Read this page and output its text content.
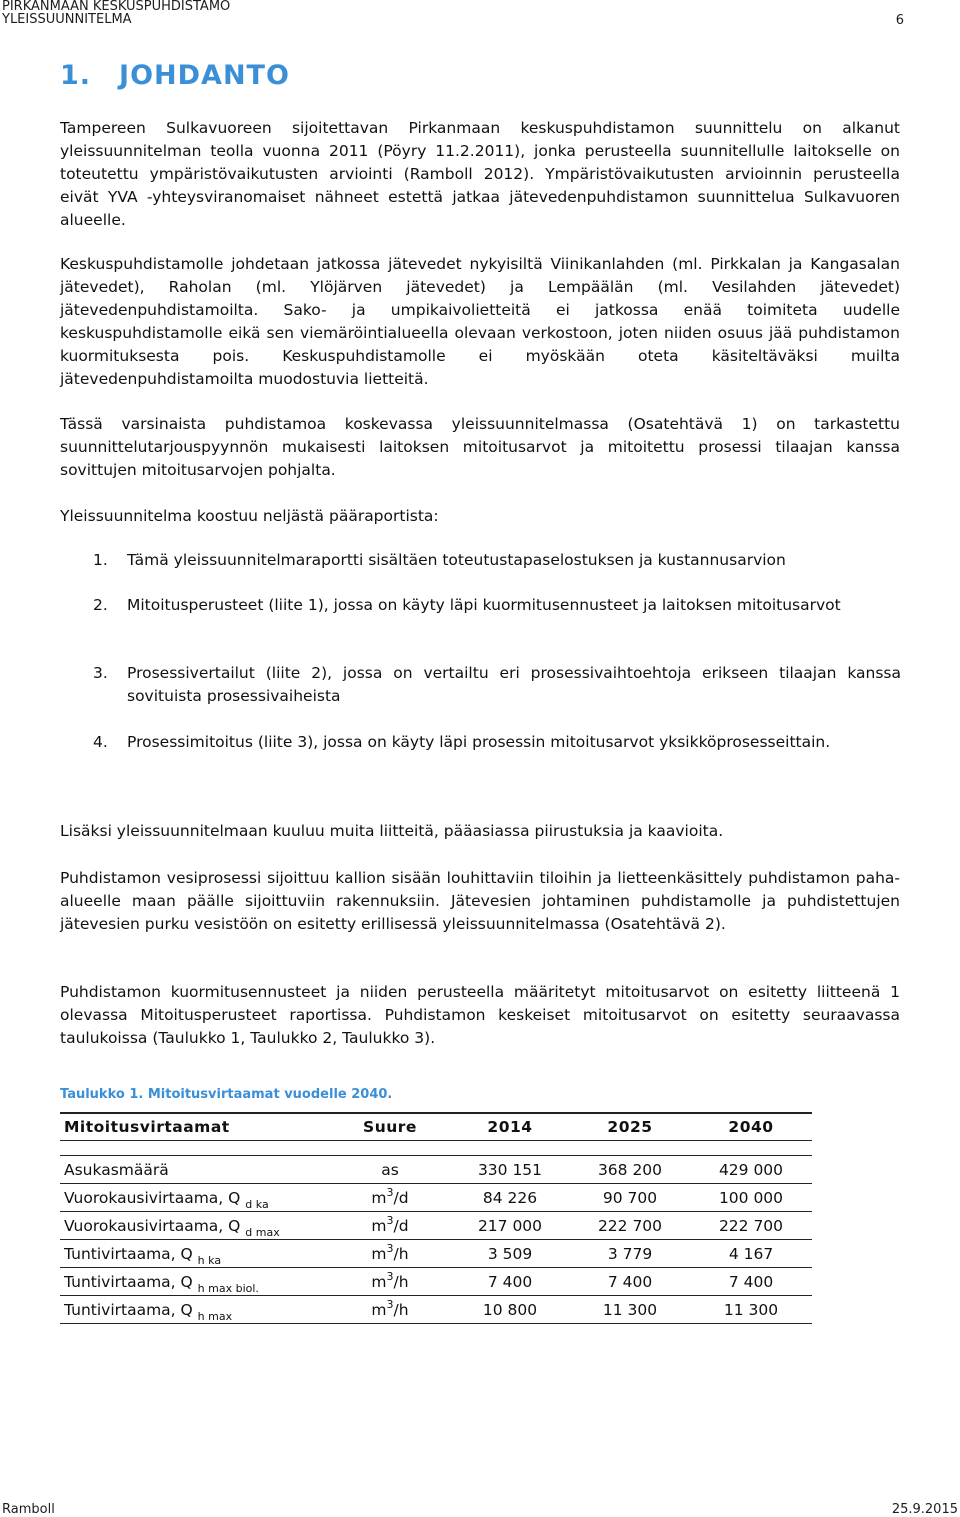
PIRKANMAAN KESKUSPUHDISTAMO
YLEISSUUNNITELMA	6
1. JOHDANTO
Tampereen Sulkavuoreen sijoitettavan Pirkanmaan keskuspuhdistamon suunnittelu on alkanut yleissuunnitelman teolla vuonna 2011 (Pöyry 11.2.2011), jonka perusteella suunnitellulle laitokselle on toteutettu ympäristövaikutusten arviointi (Ramboll 2012). Ympäristövaikutusten arvioinnin perusteella eivät YVA -yhteysviranomaiset nähneet estettä jatkaa jätevedenpuhdistamon suunnittelua Sulkavuoren alueelle.
Keskuspuhdistamolle johdetaan jatkossa jätevedet nykyisiltä Viinikanlahden (ml. Pirkkalan ja Kangasalan jätevedet), Raholan (ml. Ylöjärven jätevedet) ja Lempäälän (ml. Vesilahden jätevedet) jätevedenpuhdistamoilta. Sako- ja umpikaivolietteitä ei jatkossa enää toimiteta uudelle keskuspuhdistamolle eikä sen viemäröintialueella olevaan verkostoon, joten niiden osuus jää puhdistamon kuormituksesta pois. Keskuspuhdistamolle ei myöskään oteta käsiteltäväksi muilta jätevedenpuhdistamoilta muodostuvia lietteitä.
Tässä varsinaista puhdistamoa koskevassa yleissuunnitelmassa (Osatehtävä 1) on tarkastettu suunnittelutarjouspyynnön mukaisesti laitoksen mitoitusarvot ja mitoitettu prosessi tilaajan kanssa sovittujen mitoitusarvojen pohjalta.
Yleissuunnitelma koostuu neljästä pääraportista:
1.	Tämä yleissuunnitelmaraportti sisältäen toteutustapaselostuksen ja kustannusarvion
2.	Mitoitusperusteet (liite 1), jossa on käyty läpi kuormitusennusteet ja laitoksen mitoitusarvot
3.	Prosessivertailut (liite 2), jossa on vertailtu eri prosessivaihtoehtoja erikseen tilaajan kanssa sovituista prosessivaiheista
4.	Prosessimitoitus (liite 3), jossa on käyty läpi prosessin mitoitusarvot yksikköprosesseittain.
Lisäksi yleissuunnitelmaan kuuluu muita liitteitä, pääasiassa piirustuksia ja kaavioita.
Puhdistamon vesiprosessi sijoittuu kallion sisään louhittaviin tiloihin ja lietteenkäsittely puhdistamon paha-alueelle maan päälle sijoittuviin rakennuksiin. Jätevesien johtaminen puhdistamolle ja puhdistettujen jätevesien purku vesistöön on esitetty erillisessä yleissuunnitelmassa (Osatehtävä 2).
Puhdistamon kuormitusennusteet ja niiden perusteella määritetyt mitoitusarvot on esitetty liitteenä 1 olevassa Mitoitusperusteet raportissa. Puhdistamon keskeiset mitoitusarvot on esitetty seuraavassa taulukoissa (Taulukko 1, Taulukko 2, Taulukko 3).
Taulukko 1. Mitoitusvirtaamat vuodelle 2040.
Mitoitusvirtaamat	Suure	2014	2025	2040

Asukasmäärä	as	330 151	368 200	429 000
Vuorokausivirtaama, Q $_{d ka}$	$m^3/d$	84 226	90 700	100 000
Vuorokausivirtaama, Q $_{d max}$	$m^3/d$	217 000	222 700	222 700
Tuntivirtaama, Q $_{h ka}$	$m^3/h$	3 509	3 779	4 167
Tuntivirtaama, Q $_{h max biol.}$	$m^3/h$	7 400	7 400	7 400
Tuntivirtaama, Q $_{h max}$	$m^3/h$	10 800	11 300	11 300
Ramboll	25.9.2015
